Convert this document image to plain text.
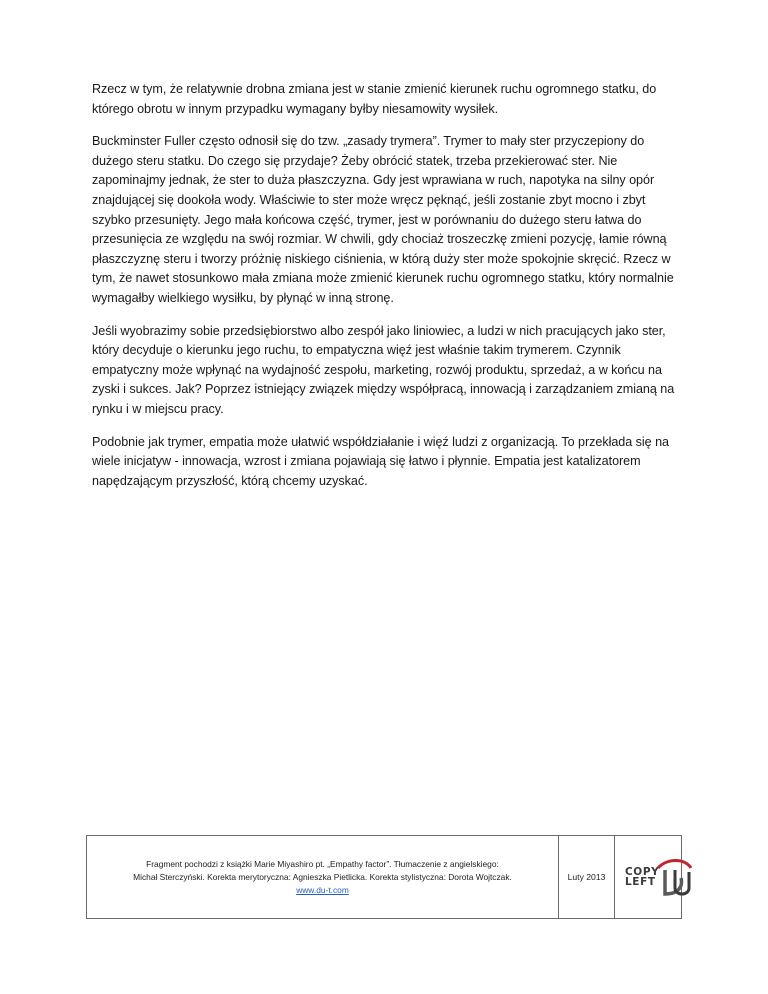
Rzecz w tym, że relatywnie drobna zmiana jest w stanie zmienić kierunek ruchu ogromnego statku, do którego obrotu w innym przypadku wymagany byłby niesamowity wysiłek.

Buckminster Fuller często odnosił się do tzw. „zasady trymera”. Trymer to mały ster przyczepiony do dużego steru statku. Do czego się przydaje? Żeby obrócić statek, trzeba przekierować ster. Nie zapominajmy jednak, że ster to duża płaszczyzna. Gdy jest wprawiana w ruch, napotyka na silny opór znajdującej się dookoła wody. Właściwie to ster może wręcz pęknąć, jeśli zostanie zbyt mocno i zbyt szybko przesunięty. Jego mała końcowa część, trymer, jest w porównaniu do dużego steru łatwa do przesunięcia ze względu na swój rozmiar. W chwili, gdy chociaż troszeczkę zmieni pozycję, łamie równą płaszczyznę steru i tworzy próżnię niskiego ciśnienia, w którą duży ster może spokojnie skręcić. Rzecz w tym, że nawet stosunkowo mała zmiana może zmienić kierunek ruchu ogromnego statku, który normalnie wymagałby wielkiego wysiłku, by płynąć w inną stronę.

Jeśli wyobrazimy sobie przedsiębiorstwo albo zespół jako liniowiec, a ludzi w nich pracujących jako ster, który decyduje o kierunku jego ruchu, to empatyczna więź jest właśnie takim trymerem. Czynnik empatyczny może wpłynąć na wydajność zespołu, marketing, rozwój produktu, sprzedaż, a w końcu na zyski i sukces. Jak? Poprzez istniejący związek między współpracą, innowacją i zarządzaniem zmianą na rynku i w miejscu pracy.

Podobnie jak trymer, empatia może ułatwić współdziałanie i więź ludzi z organizacją. To przekłada się na wiele inicjatyw - innowacja, wzrost i zmiana pojawiają się łatwo i płynnie. Empatia jest katalizatorem napędzającym przyszłość, którą chcemy uzyskać.

Fragment pochodzi z książki Marie Miyashiro pt. „Empathy factor”. Tłumaczenie z angielskiego:
Michał Sterczyński. Korekta merytoryczna: Agnieszka Pietlicka. Korekta stylistyczna: Dorota Wojtczak.
www.du-t.com
Luty 2013 COPY
LEFT
